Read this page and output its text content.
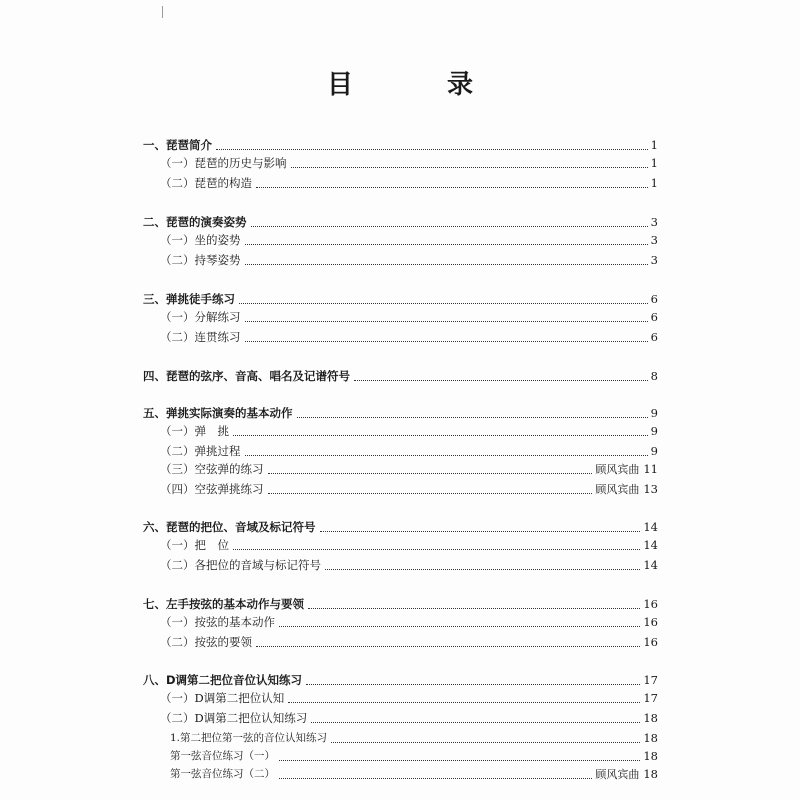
目　录
一、琵琶简介	1
（一）琵琶的历史与影响	1
（二）琵琶的构造	1
二、琵琶的演奏姿势	3
（一）坐的姿势	3
（二）持琴姿势	3
三、弹挑徒手练习	6
（一）分解练习	6
（二）连贯练习	6
四、琵琶的弦序、音高、唱名及记谱符号	8
五、弹挑实际演奏的基本动作	9
（一）弹　挑	9
（二）弹挑过程	9
（三）空弦弹的练习	顾风宾曲 11
（四）空弦弹挑练习	顾风宾曲 13
六、琵琶的把位、音域及标记符号	14
（一）把　位	14
（二）各把位的音域与标记符号	14
七、左手按弦的基本动作与要领	16
（一）按弦的基本动作	16
（二）按弦的要领	16
八、D调第二把位音位认知练习	17
（一）D调第二把位认知	17
（二）D调第二把位认知练习	18
1.第二把位第一弦的音位认知练习	18
第一弦音位练习（一）	18
第一弦音位练习（二）	顾风宾曲 18
